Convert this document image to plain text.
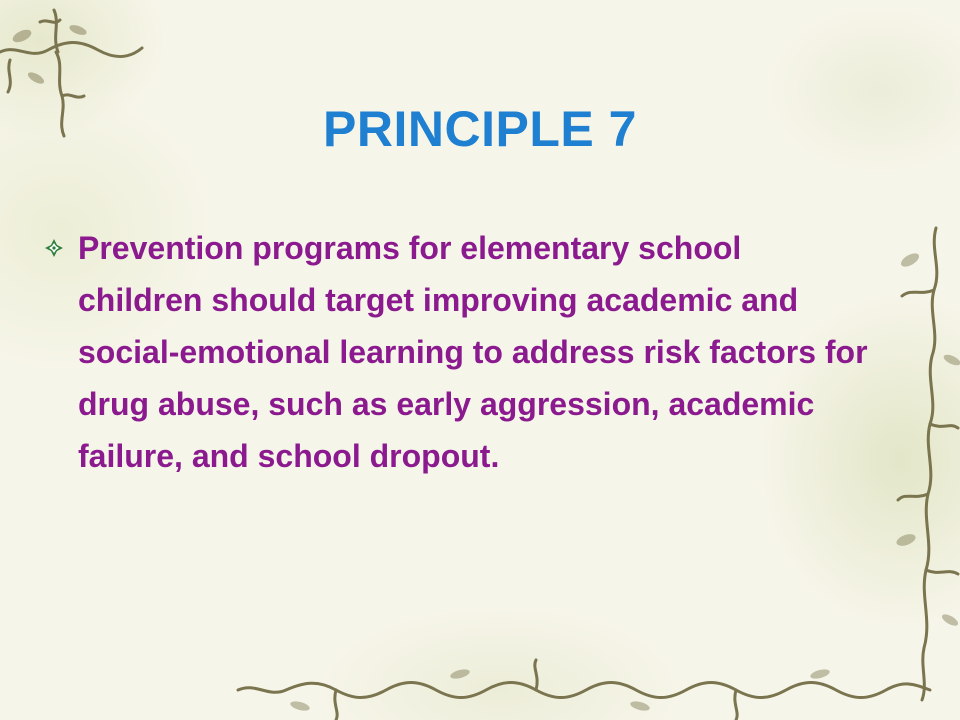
PRINCIPLE 7
Prevention programs for elementary school children should target improving academic and social-emotional learning to address risk factors for drug abuse, such as early aggression, academic failure, and school dropout.
